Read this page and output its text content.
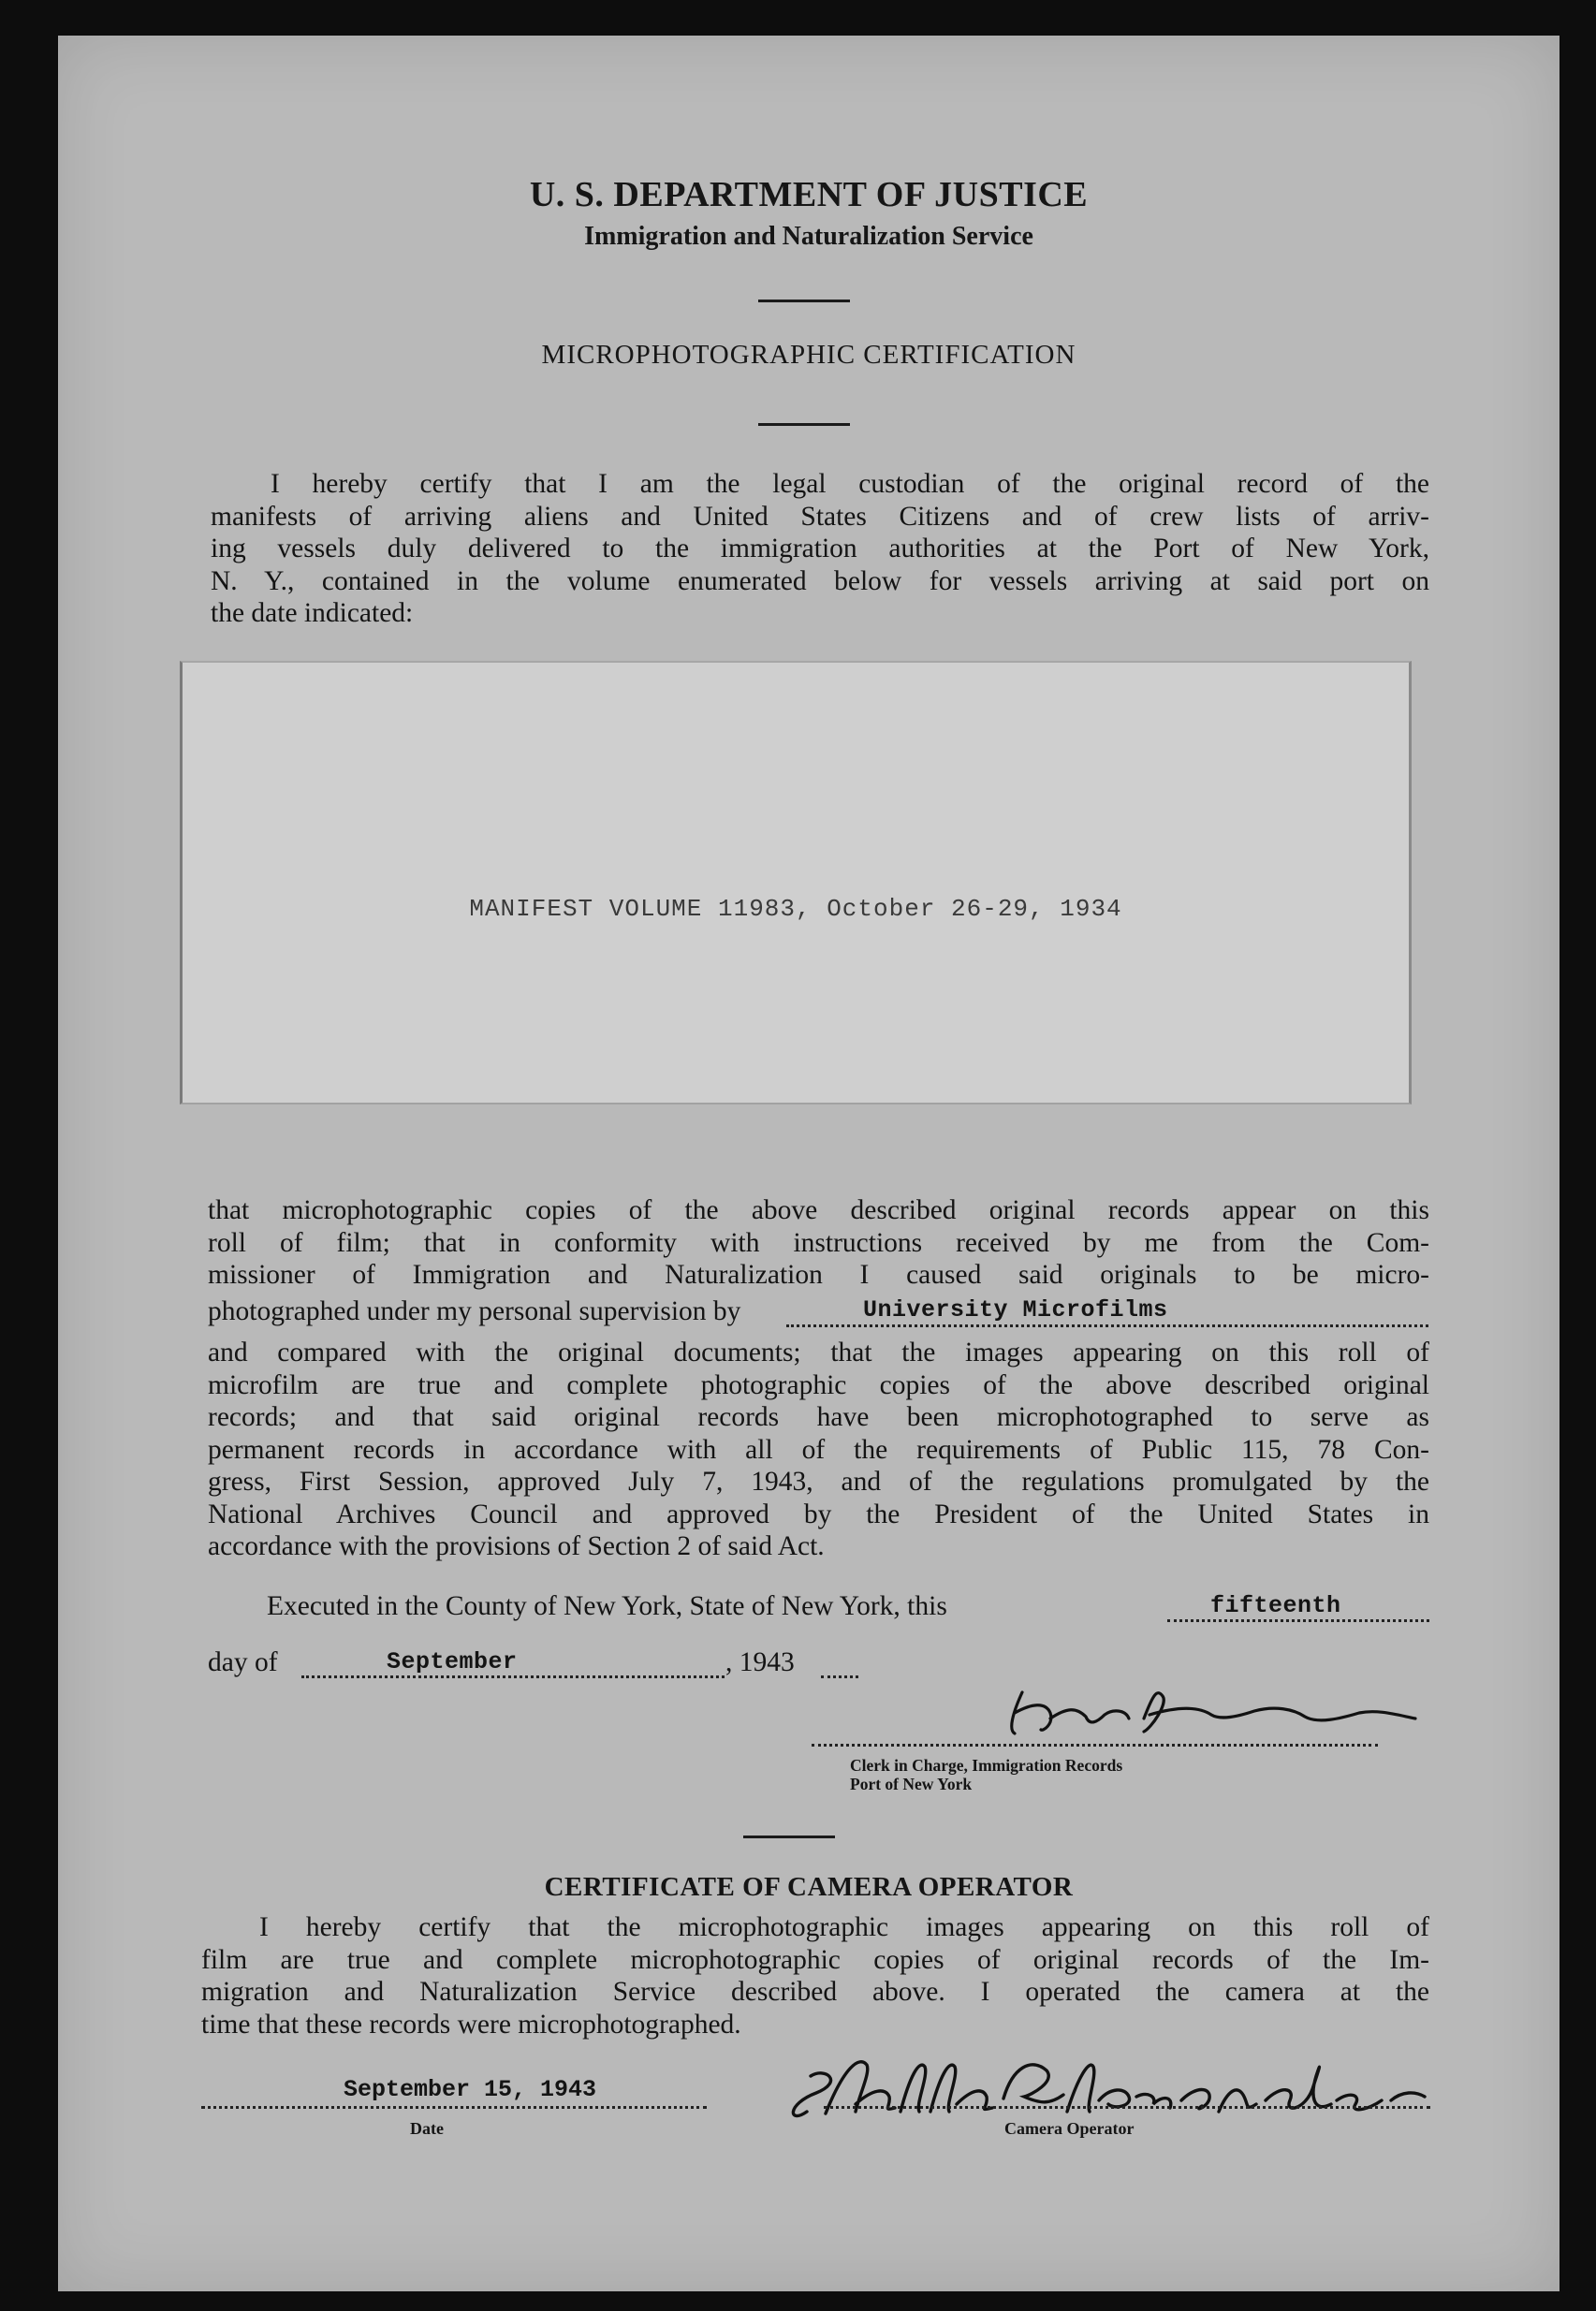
U. S. DEPARTMENT OF JUSTICE
Immigration and Naturalization Service
MICROPHOTOGRAPHIC CERTIFICATION

I hereby certify that I am the legal custodian of the original record of the

manifests of arriving aliens and United States Citizens and of crew lists of arriv-

ing vessels duly delivered to the immigration authorities at the Port of New York,

N. Y., contained in the volume enumerated below for vessels arriving at said port on

the date indicated:

MANIFEST VOLUME 11983, October 26-29, 1934

that microphotographic copies of the above described original records appear on this

roll of film; that in conformity with instructions received by me from the Com-

missioner of Immigration and Naturalization I caused said originals to be micro-

photographed under my personal supervision by	University Microfilms

and compared with the original documents; that the images appearing on this roll of

microfilm are true and complete photographic copies of the above described original

records; and that said original records have been microphotographed to serve as

permanent records in accordance with all of the requirements of Public 115, 78 Con-

gress, First Session, approved July 7, 1943, and of the regulations promulgated by the

National Archives Council and approved by the President of the United States in

accordance with the provisions of Section 2 of said Act.

Executed in the County of New York, State of New York, this	fifteenth
day of	September	, 1943
Clerk in Charge, Immigration Records
Port of New York
CERTIFICATE OF CAMERA OPERATOR

I hereby certify that the microphotographic images appearing on this roll of

film are true and complete microphotographic copies of original records of the Im-

migration and Naturalization Service described above. I operated the camera at the

time that these records were microphotographed.

September 15, 1943
Date	Camera Operator
